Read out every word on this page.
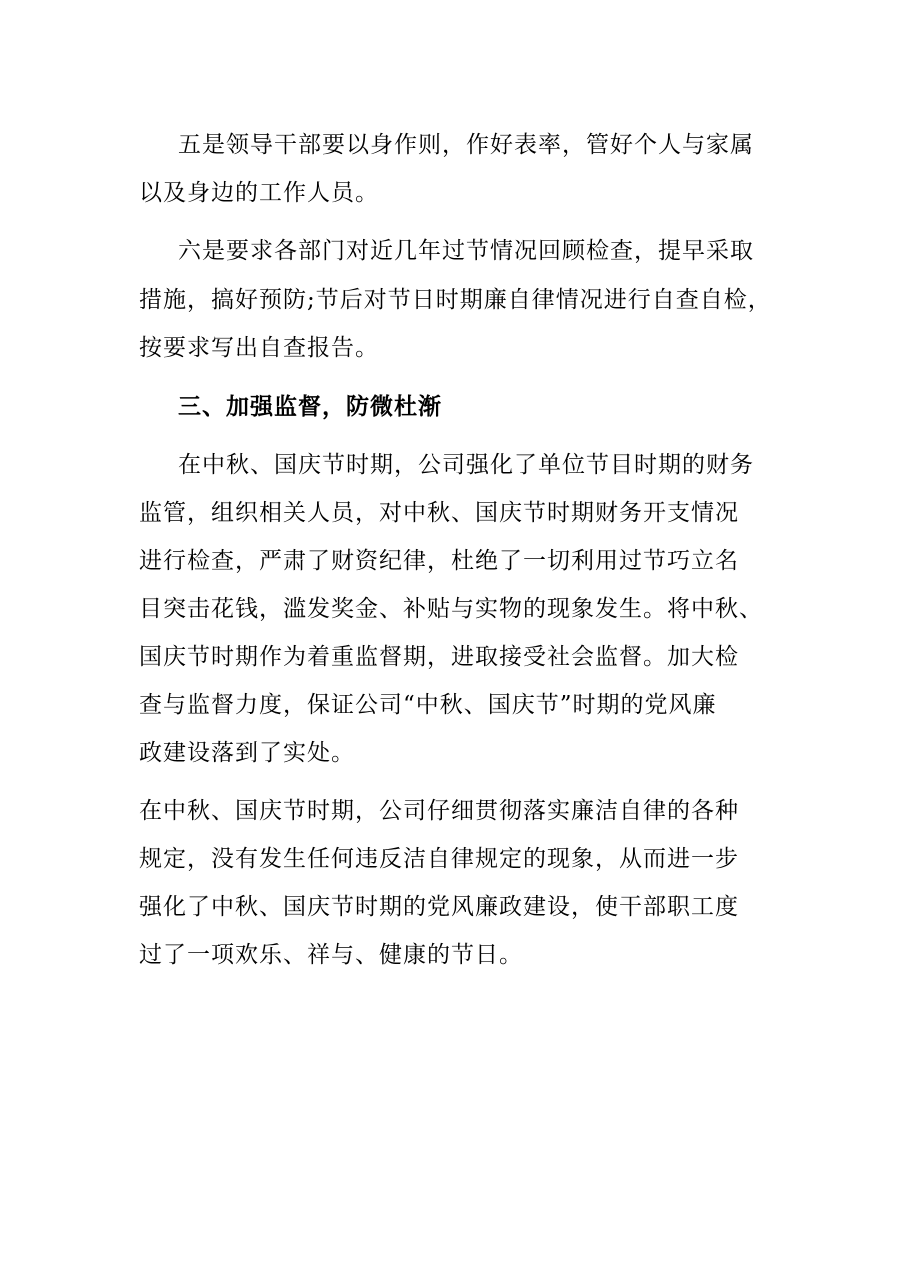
五是领导干部要以身作则，作好表率，管好个人与家属

以及身边的工作人员。

六是要求各部门对近几年过节情况回顾检查，提早采取

措施，搞好预防;节后对节日时期廉自律情况进行自查自检，

按要求写出自查报告。

三、加强监督，防微杜渐

在中秋、国庆节时期，公司强化了单位节目时期的财务

监管，组织相关人员，对中秋、国庆节时期财务开支情况

进行检查，严肃了财资纪律，杜绝了一切利用过节巧立名

目突击花钱，滥发奖金、补贴与实物的现象发生。将中秋、

国庆节时期作为着重监督期，进取接受社会监督。加大检

查与监督力度，保证公司“中秋、国庆节”时期的党风廉

政建设落到了实处。

在中秋、国庆节时期，公司仔细贯彻落实廉洁自律的各种

规定，没有发生任何违反洁自律规定的现象，从而进一步

强化了中秋、国庆节时期的党风廉政建设，使干部职工度

过了一项欢乐、祥与、健康的节日。
